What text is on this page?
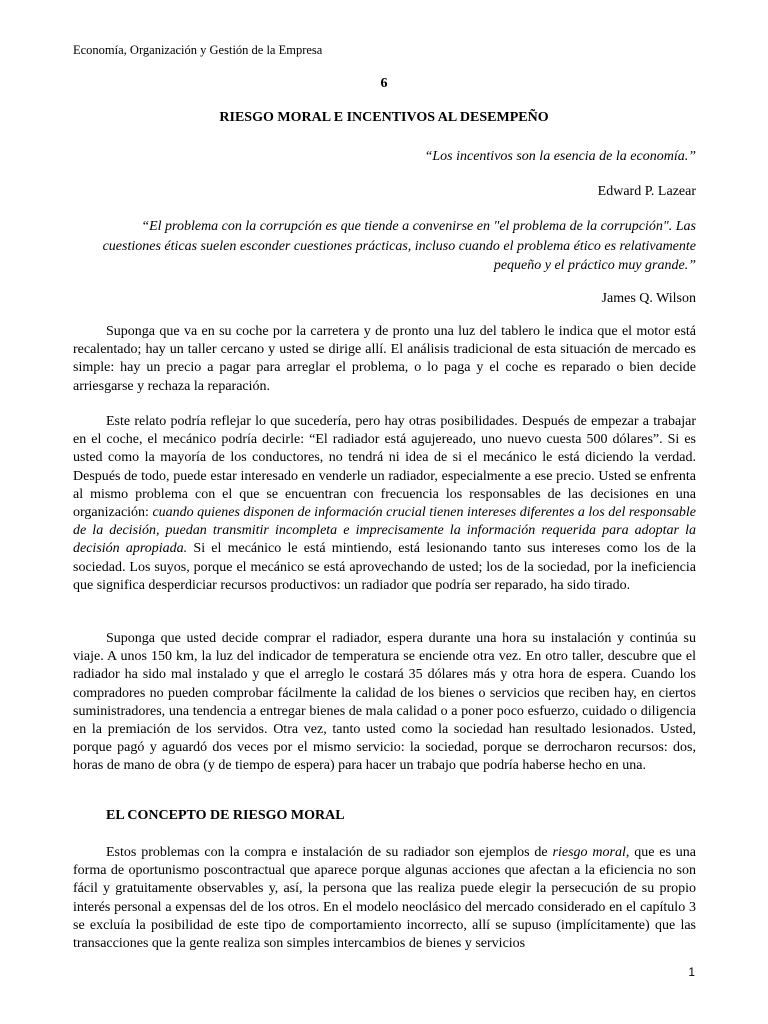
Economía, Organización y Gestión de la Empresa
6
RIESGO MORAL E INCENTIVOS AL DESEMPEÑO
“Los incentivos son la esencia de la economía.”
Edward P. Lazear
“El problema con la corrupción es que tiende a convenirse en "el problema de la corrupción". Las cuestiones éticas suelen esconder cuestiones prácticas, incluso cuando el problema ético es relativamente pequeño y el práctico muy grande.”
James Q. Wilson

Suponga que va en su coche por la carretera y de pronto una luz del tablero le indica que el motor está recalentado; hay un taller cercano y usted se dirige allí. El análisis tradicional de esta situación de mercado es simple: hay un precio a pagar para arreglar el problema, o lo paga y el coche es reparado o bien decide arriesgarse y rechaza la reparación.

Este relato podría reflejar lo que sucedería, pero hay otras posibilidades. Después de empezar a trabajar en el coche, el mecánico podría decirle: “El radiador está agujereado, uno nuevo cuesta 500 dólares”. Si es usted como la mayoría de los conductores, no tendrá ni idea de si el mecánico le está diciendo la verdad. Después de todo, puede estar interesado en venderle un radiador, especialmente a ese precio. Usted se enfrenta al mismo problema con el que se encuentran con frecuencia los responsables de las decisiones en una organización: cuando quienes disponen de información crucial tienen intereses diferentes a los del responsable de la decisión, puedan transmitir incompleta e imprecisamente la información requerida para adoptar la decisión apropiada. Si el mecánico le está mintiendo, está lesionando tanto sus intereses como los de la sociedad. Los suyos, porque el mecánico se está aprovechando de usted; los de la sociedad, por la ineficiencia que significa desperdiciar recursos productivos: un radiador que podría ser reparado, ha sido tirado.

Suponga que usted decide comprar el radiador, espera durante una hora su instalación y continúa su viaje. A unos 150 km, la luz del indicador de temperatura se enciende otra vez. En otro taller, descubre que el radiador ha sido mal instalado y que el arreglo le costará 35 dólares más y otra hora de espera. Cuando los compradores no pueden comprobar fácilmente la calidad de los bienes o servicios que reciben hay, en ciertos suministradores, una tendencia a entregar bienes de mala calidad o a poner poco esfuerzo, cuidado o diligencia en la premiación de los servidos. Otra vez, tanto usted como la sociedad han resultado lesionados. Usted, porque pagó y aguardó dos veces por el mismo servicio: la sociedad, porque se derrocharon recursos: dos, horas de mano de obra (y de tiempo de espera) para hacer un trabajo que podría haberse hecho en una.

EL CONCEPTO DE RIESGO MORAL

Estos problemas con la compra e instalación de su radiador son ejemplos de riesgo moral, que es una forma de oportunismo poscontractual que aparece porque algunas acciones que afectan a la eficiencia no son fácil y gratuitamente observables y, así, la persona que las realiza puede elegir la persecución de su propio interés personal a expensas del de los otros. En el modelo neoclásico del mercado considerado en el capítulo 3 se excluía la posibilidad de este tipo de comportamiento incorrecto, allí se supuso (implícitamente) que las transacciones que la gente realiza son simples intercambios de bienes y servicios

1
